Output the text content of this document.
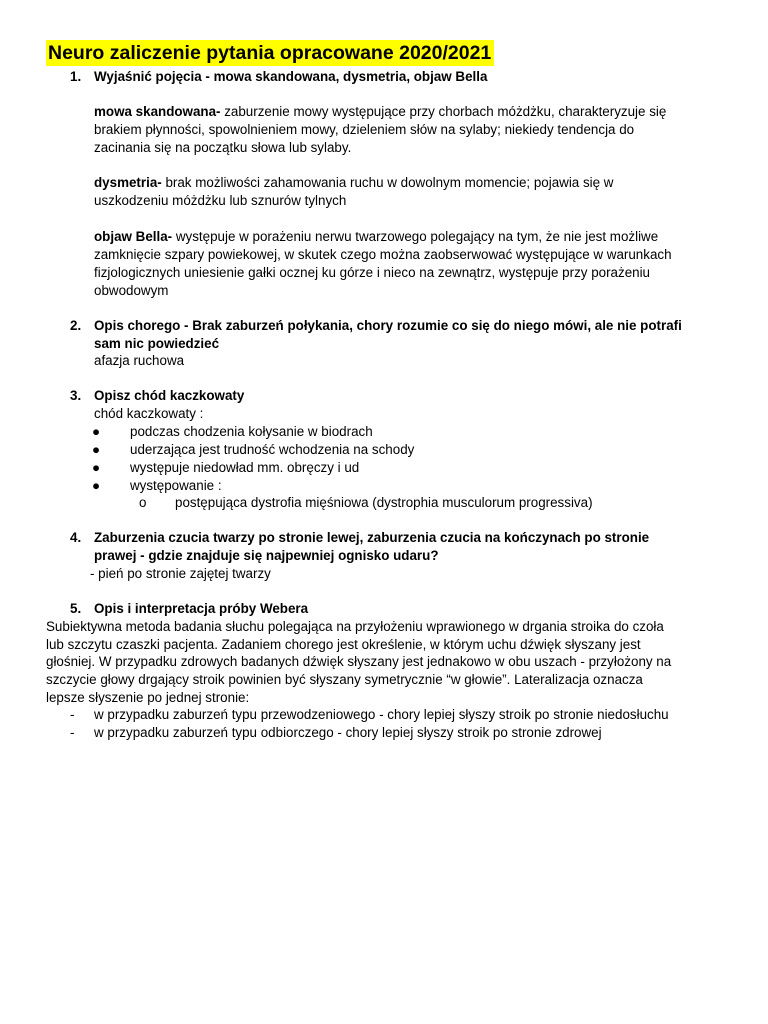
Neuro zaliczenie pytania opracowane 2020/2021
1. Wyjaśnić pojęcia - mowa skandowana, dysmetria, objaw Bella
mowa skandowana- zaburzenie mowy występujące przy chorbach móżdżku, charakteryzuje się
brakiem płynności, spowolnieniem mowy, dzieleniem słów na sylaby; niekiedy tendencja do
zacinania się na początku słowa lub sylaby.
dysmetria- brak możliwości zahamowania ruchu w dowolnym momencie; pojawia się w
uszkodzeniu móżdżku lub sznurów tylnych
objaw Bella- występuje w porażeniu nerwu twarzowego polegający na tym, że nie jest możliwe
zamknięcie szpary powiekowej, w skutek czego można zaobserwować występujące w warunkach
fizjologicznych uniesienie gałki ocznej ku górze i nieco na zewnątrz, występuje przy porażeniu
obwodowym
2. Opis chorego - Brak zaburzeń połykania, chory rozumie co się do niego mówi, ale nie potrafi
sam nic powiedzieć
afazja ruchowa
3. Opisz chód kaczkowaty
chód kaczkowaty :
● podczas chodzenia kołysanie w biodrach
● uderzająca jest trudność wchodzenia na schody
● występuje niedowład mm. obręczy i ud
● występowanie :
o postępująca dystrofia mięśniowa (dystrophia musculorum progressiva)
4. Zaburzenia czucia twarzy po stronie lewej, zaburzenia czucia na kończynach po stronie
prawej - gdzie znajduje się najpewniej ognisko udaru?
- pień po stronie zajętej twarzy
5. Opis i interpretacja próby Webera
Subiektywna metoda badania słuchu polegająca na przyłożeniu wprawionego w drgania stroika do czoła
lub szczytu czaszki pacjenta. Zadaniem chorego jest określenie, w którym uchu dźwięk słyszany jest
głośniej. W przypadku zdrowych badanych dźwięk słyszany jest jednakowo w obu uszach - przyłożony na
szczycie głowy drgający stroik powinien być słyszany symetrycznie “w głowie”. Lateralizacja oznacza
lepsze słyszenie po jednej stronie:
- w przypadku zaburzeń typu przewodzeniowego - chory lepiej słyszy stroik po stronie niedosłuchu
- w przypadku zaburzeń typu odbiorczego - chory lepiej słyszy stroik po stronie zdrowej
